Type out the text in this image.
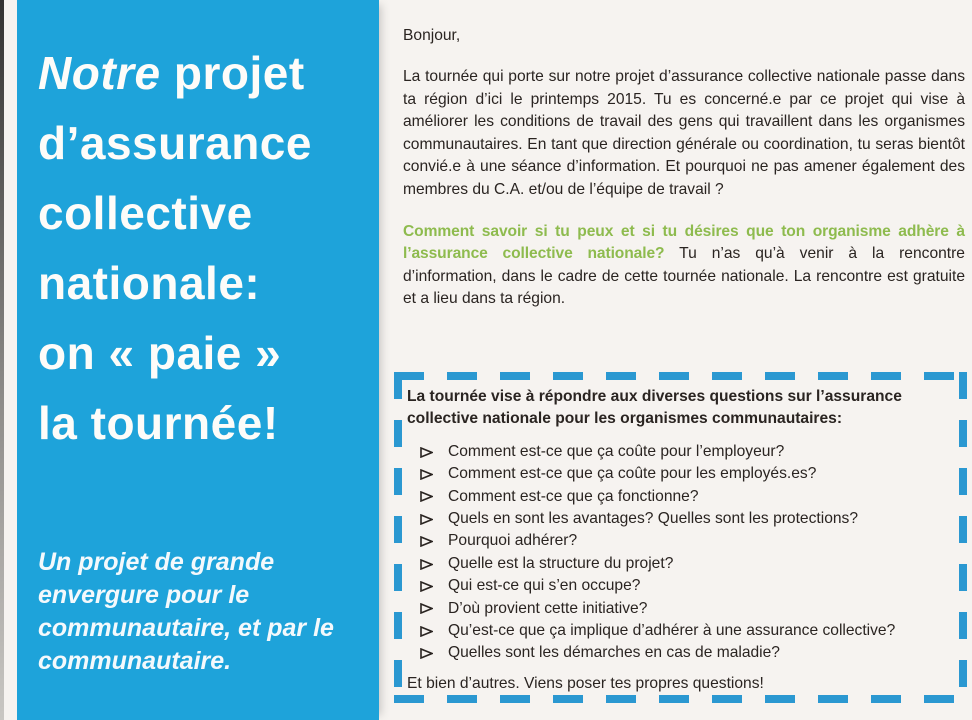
Notre projet
d’assurance
collective
nationale:
on « paie »
la tournée!
Un projet de grande envergure pour le communautaire, et par le communautaire.
Bonjour,

La tournée qui porte sur notre projet d’assurance collective nationale passe dans ta région d’ici le printemps 2015. Tu es concerné.e par ce projet qui vise à améliorer les conditions de travail des gens qui travaillent dans les organismes communautaires. En tant que direction générale ou coordination, tu seras bientôt convié.e à une séance d’information. Et pourquoi ne pas amener également des membres du C.A. et/ou de l’équipe de travail ?

Comment savoir si tu peux et si tu désires que ton organisme adhère à l’assurance collective nationale? Tu n’as qu’à venir à la rencontre d’information, dans le cadre de cette tournée nationale. La rencontre est gratuite et a lieu dans ta région.

La tournée vise à répondre aux diverses questions sur l’assurance collective nationale pour les organismes communautaires:
Comment est-ce que ça coûte pour l’employeur?
Comment est-ce que ça coûte pour les employés.es?
Comment est-ce que ça fonctionne?
Quels en sont les avantages? Quelles sont les protections?
Pourquoi adhérer?
Quelle est la structure du projet?
Qui est-ce qui s’en occupe?
D’où provient cette initiative?
Qu’est-ce que ça implique d’adhérer à une assurance collective?
Quelles sont les démarches en cas de maladie?
Et bien d’autres. Viens poser tes propres questions!
